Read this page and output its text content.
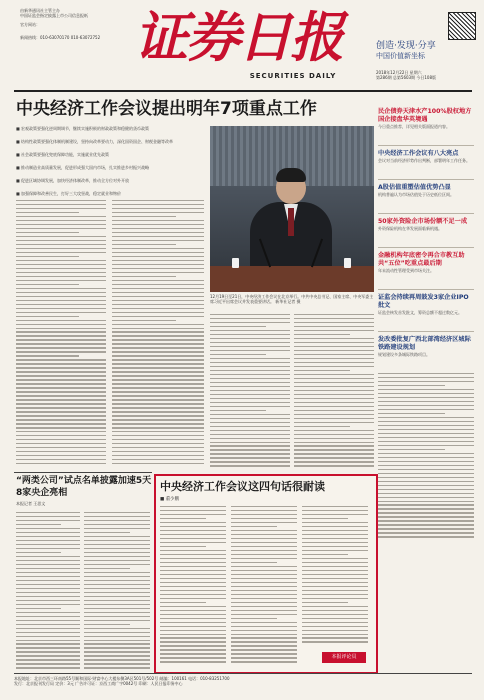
由新华通讯社主管主办
中国证监会指定披露上市公司信息报纸
官方网站：
新闻热线：010-63070170 010-63072752 证券日报
SECURITIES DAILY
创造·发现·分享
中国价值新坐标
2018年12月22日 星期六
第286期 总第5603期 今日108版
中央经济工作会议提出明年7项重点工作
■ 宏观政策要强化逆周期调节，继续实施积极的财政政策和稳健的货币政策
■ 结构性政策要强化体制机制建设，坚持向改革要动力，深化国资国企、财税金融等改革
■ 社会政策要强化兜底保障功能，实施就业优先政策
■ 推动制造业高质量发展，促进形成强大国内市场，扎实推进乡村振兴战略
■ 促进区域协调发展，加快经济体制改革，推动全方位对外开放
■ 加强保障和改善民生，打好三大攻坚战，稳定就业和物价
12月19日至21日，中央经济工作会议在北京举行。中共中央总书记、国家主席、中央军委主席习近平出席会议并发表重要讲话。 新华社记者 摄
民企债券天津水产100%股权地方国企接盘华英境遇
今日重点推荐，详见相关版面报道内容。
中央经济工作会议有八大亮点
会议对当前经济形势作出判断，部署明年工作任务。
A股估值重塑估值优势凸显
机构普遍认为市场估值处于历史低位区间。
50家外资险企市场份额不足一成
外资保险机构在华发展面临新机遇。
金融机构年底密令再合市教互助共“五位”吃重点最后期
年末流动性管理受到市场关注。
证监会持续再周鼓发3家企业IPO批文
证监会核发首发批文，筹资总额不超过数亿元。
发改委批复广西北部湾经济区城际铁路建设规划
规划建设多条城际铁路项目。
“两类公司”试点名单披露加速5天8家央企亮相
本报记者 王思文
中央经济工作会议这四句话很耐读
■ 董少鹏
本报评论员
本报地址：北京市西三环南路55号顺和国际·财富中心大楼东侧3A区501号/502号 邮编：100161 电话：010-83251700
发行：北京报刊发行局 定价：3元 广告许可证：京西工商广字0042号 印刷：人民日报印务中心
